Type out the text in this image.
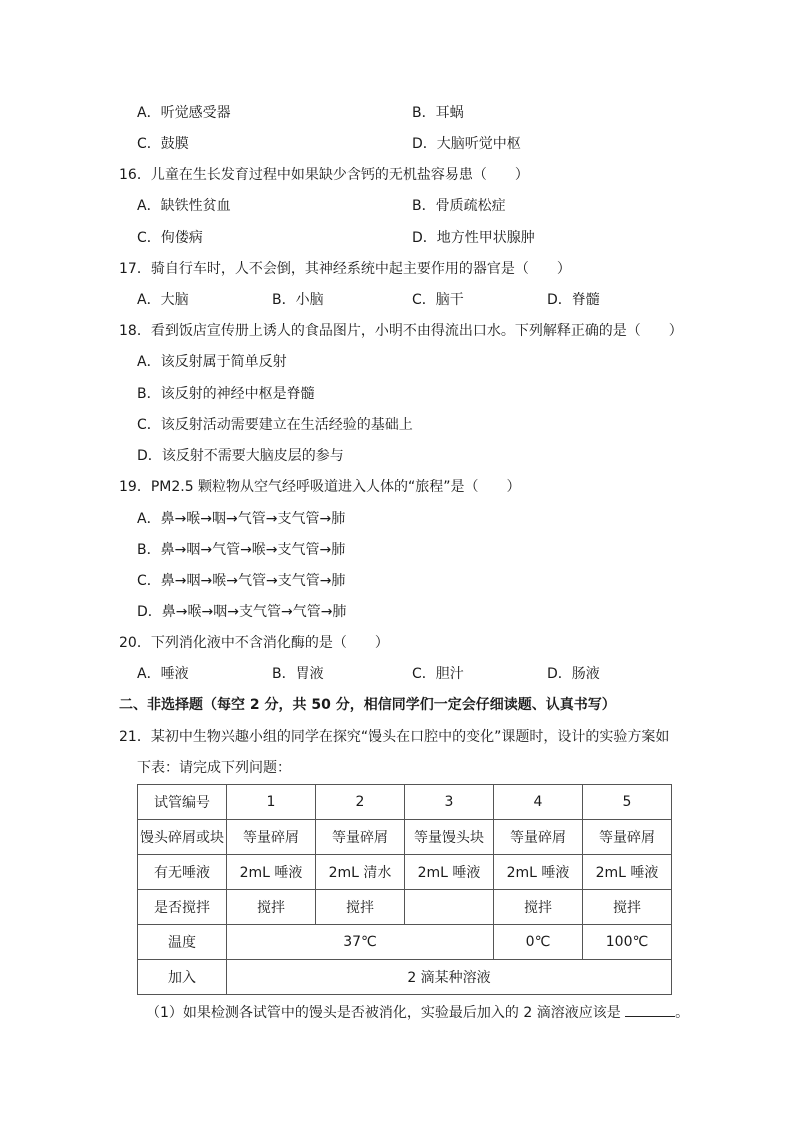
A．听觉感受器	B．耳蜗
C．鼓膜	D．大脑听觉中枢
16．儿童在生长发育过程中如果缺少含钙的无机盐容易患（　　）
A．缺铁性贫血	B．骨质疏松症
C．佝偻病	D．地方性甲状腺肿
17．骑自行车时，人不会倒，其神经系统中起主要作用的器官是（　　）
A．大脑	B．小脑	C．脑干	D．脊髓
18．看到饭店宣传册上诱人的食品图片，小明不由得流出口水。下列解释正确的是（　　）
A．该反射属于简单反射
B．该反射的神经中枢是脊髓
C．该反射活动需要建立在生活经验的基础上
D．该反射不需要大脑皮层的参与
19．PM2.5 颗粒物从空气经呼吸道进入人体的“旅程”是（　　）
A．鼻→喉→咽→气管→支气管→肺
B．鼻→咽→气管→喉→支气管→肺
C．鼻→咽→喉→气管→支气管→肺
D．鼻→喉→咽→支气管→气管→肺
20．下列消化液中不含消化酶的是（　　）
A．唾液	B．胃液	C．胆汁	D．肠液
二、非选择题（每空 2 分，共 50 分，相信同学们一定会仔细读题、认真书写）
21．某初中生物兴趣小组的同学在探究“馒头在口腔中的变化”课题时，设计的实验方案如
下表：请完成下列问题：
试管编号	1	2	3	4	5
馒头碎屑或块	等量碎屑	等量碎屑	等量馒头块	等量碎屑	等量碎屑
有无唾液	2mL 唾液	2mL 清水	2mL 唾液	2mL 唾液	2mL 唾液
是否搅拌	搅拌	搅拌		搅拌	搅拌
温度	37℃			0℃	100℃
加入	2 滴某种溶液				
（1）如果检测各试管中的馒头是否被消化，实验最后加入的 2 滴溶液应该是	。
